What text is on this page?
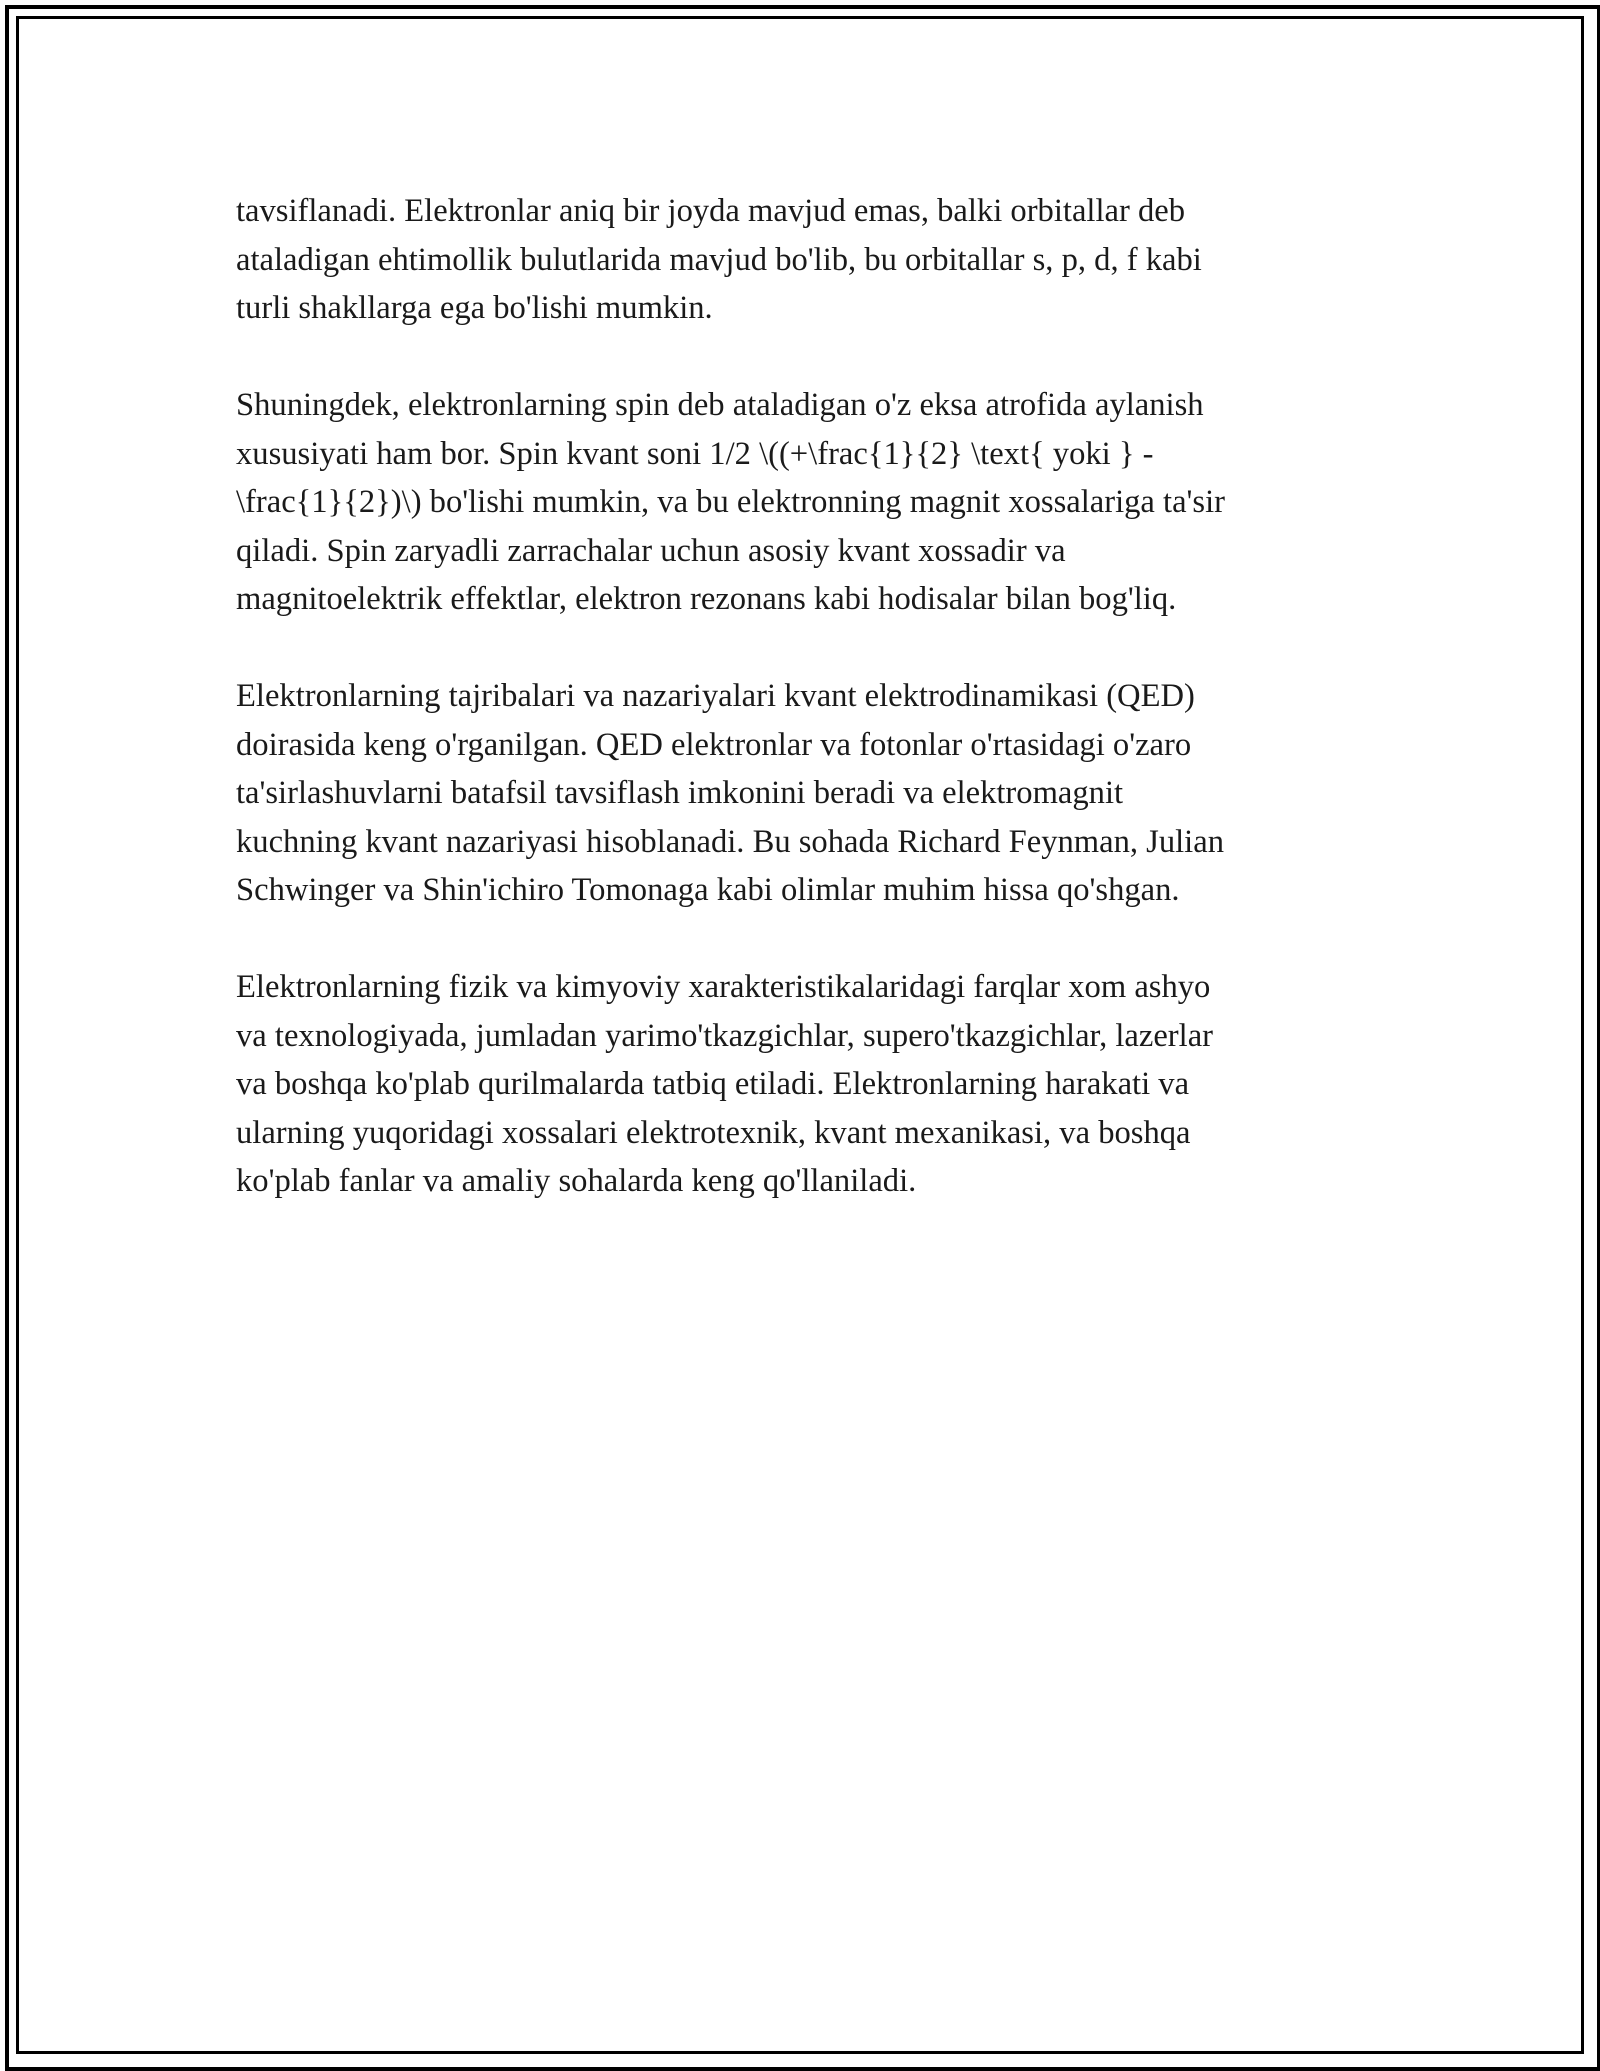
tavsiflanadi. Elektronlar aniq bir joyda mavjud emas, balki orbitallar deb
ataladigan ehtimollik bulutlarida mavjud bo'lib, bu orbitallar s, p, d, f kabi
turli shakllarga ega bo'lishi mumkin.

Shuningdek, elektronlarning spin deb ataladigan o'z eksa atrofida aylanish
xususiyati ham bor. Spin kvant soni 1/2 \((+\frac{1}{2} \text{ yoki } -
\frac{1}{2})\) bo'lishi mumkin, va bu elektronning magnit xossalariga ta'sir
qiladi. Spin zaryadli zarrachalar uchun asosiy kvant xossadir va
magnitoelektrik effektlar, elektron rezonans kabi hodisalar bilan bog'liq.

Elektronlarning tajribalari va nazariyalari kvant elektrodinamikasi (QED)
doirasida keng o'rganilgan. QED elektronlar va fotonlar o'rtasidagi o'zaro
ta'sirlashuvlarni batafsil tavsiflash imkonini beradi va elektromagnit
kuchning kvant nazariyasi hisoblanadi. Bu sohada Richard Feynman, Julian
Schwinger va Shin'ichiro Tomonaga kabi olimlar muhim hissa qo'shgan.

Elektronlarning fizik va kimyoviy xarakteristikalaridagi farqlar xom ashyo
va texnologiyada, jumladan yarimo'tkazgichlar, supero'tkazgichlar, lazerlar
va boshqa ko'plab qurilmalarda tatbiq etiladi. Elektronlarning harakati va
ularning yuqoridagi xossalari elektrotexnik, kvant mexanikasi, va boshqa
ko'plab fanlar va amaliy sohalarda keng qo'llaniladi.
